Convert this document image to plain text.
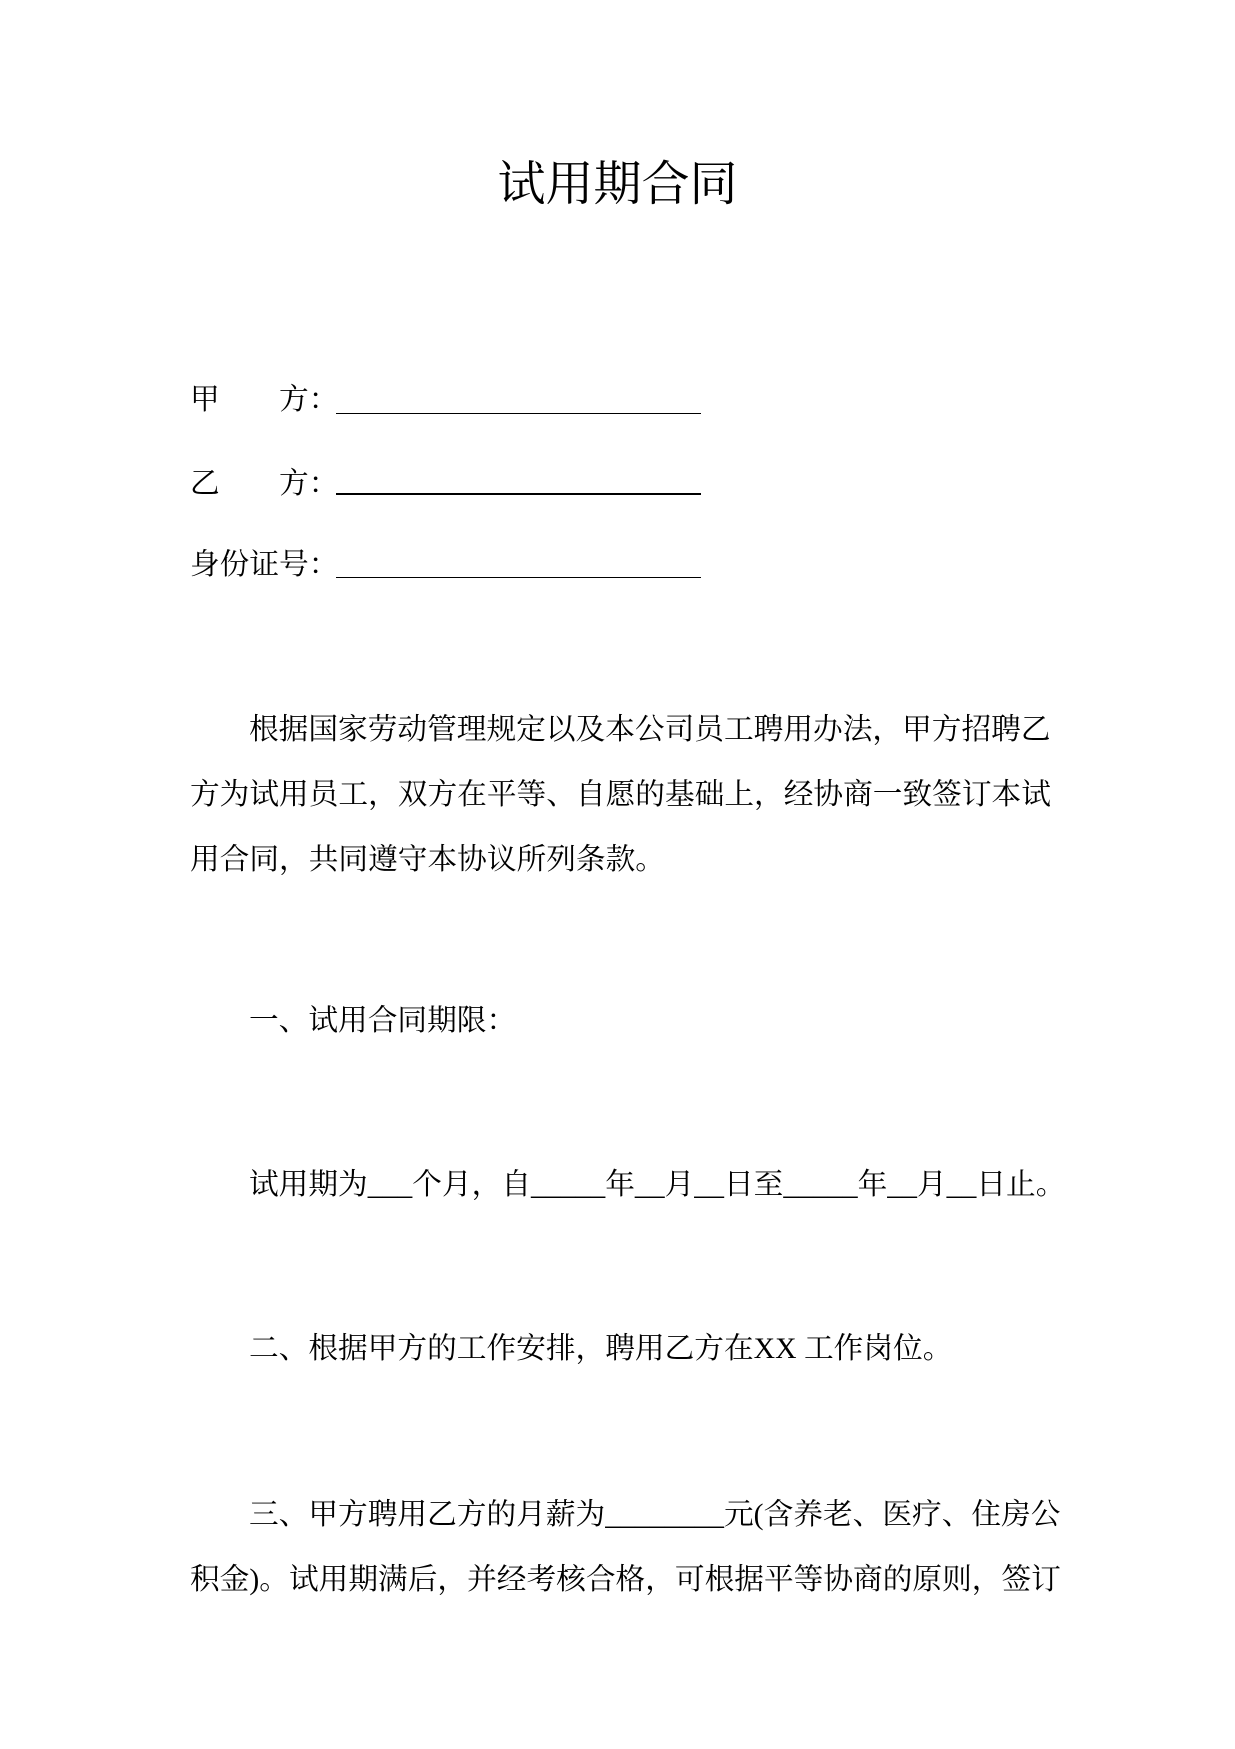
试用期合同
甲　　方：
乙　　方：
身份证号：
根据国家劳动管理规定以及本公司员工聘用办法，甲方招聘乙
方为试用员工，双方在平等、自愿的基础上，经协商一致签订本试
用合同，共同遵守本协议所列条款。
一、试用合同期限：
试用期为___个月，自_____年__月__日至_____年__月__日止。
二、根据甲方的工作安排，聘用乙方在XX 工作岗位。
三、甲方聘用乙方的月薪为________元(含养老、医疗、住房公
积金)。试用期满后，并经考核合格，可根据平等协商的原则，签订
